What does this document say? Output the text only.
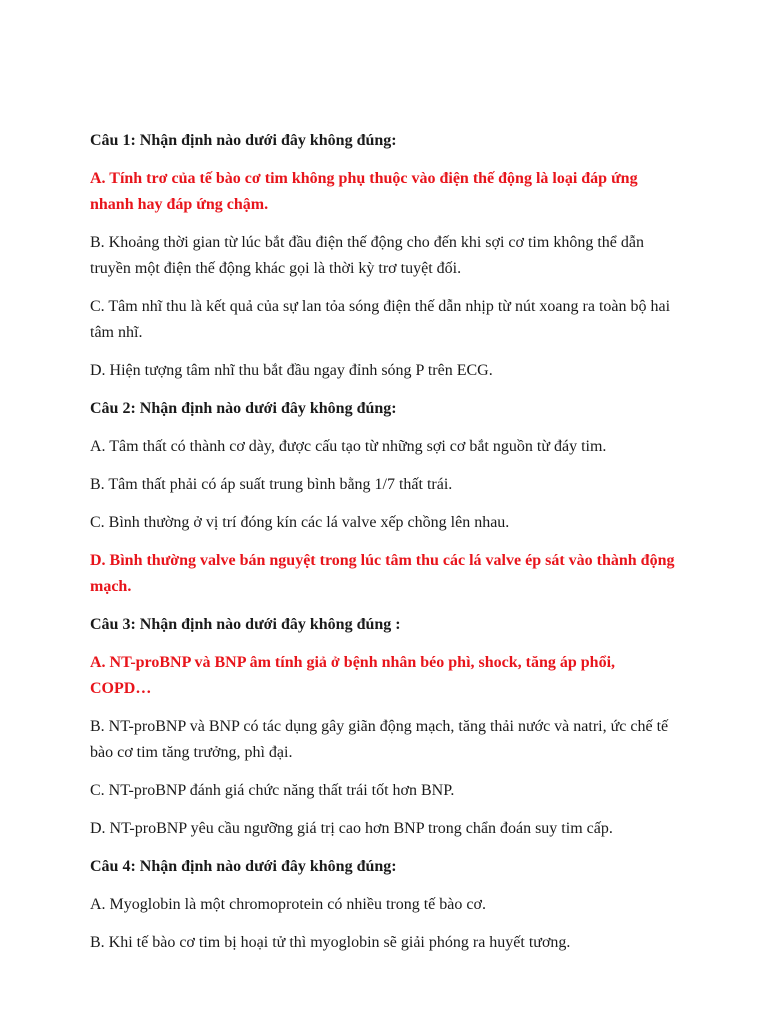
Câu 1: Nhận định nào dưới đây không đúng:

A. Tính trơ của tế bào cơ tim không phụ thuộc vào điện thế động là loại đáp ứng nhanh hay đáp ứng chậm.

B. Khoảng thời gian từ lúc bắt đầu điện thế động cho đến khi sợi cơ tim không thể dẫn truyền một điện thế động khác gọi là thời kỳ trơ tuyệt đối.

C. Tâm nhĩ thu là kết quả của sự lan tỏa sóng điện thế dẫn nhịp từ nút xoang ra toàn bộ hai tâm nhĩ.

D. Hiện tượng tâm nhĩ thu bắt đầu ngay đỉnh sóng P trên ECG.

Câu 2: Nhận định nào dưới đây không đúng:

A. Tâm thất có thành cơ dày, được cấu tạo từ những sợi cơ bắt nguồn từ đáy tim.

B. Tâm thất phải có áp suất trung bình bằng 1/7 thất trái.

C. Bình thường ở vị trí đóng kín các lá valve xếp chồng lên nhau.

D. Bình thường valve bán nguyệt trong lúc tâm thu các lá valve ép sát vào thành động mạch.

Câu 3: Nhận định nào dưới đây không đúng :

A. NT-proBNP và BNP âm tính giả ở bệnh nhân béo phì, shock, tăng áp phổi, COPD…

B. NT-proBNP và BNP có tác dụng gây giãn động mạch, tăng thải nước và natri, ức chế tế bào cơ tim tăng trưởng, phì đại.

C. NT-proBNP đánh giá chức năng thất trái tốt hơn BNP.

D. NT-proBNP yêu cầu ngưỡng giá trị cao hơn BNP trong chẩn đoán suy tim cấp.

Câu 4: Nhận định nào dưới đây không đúng:

A. Myoglobin là một chromoprotein có nhiều trong tế bào cơ.

B. Khi tế bào cơ tim bị hoại tử thì myoglobin sẽ giải phóng ra huyết tương.
